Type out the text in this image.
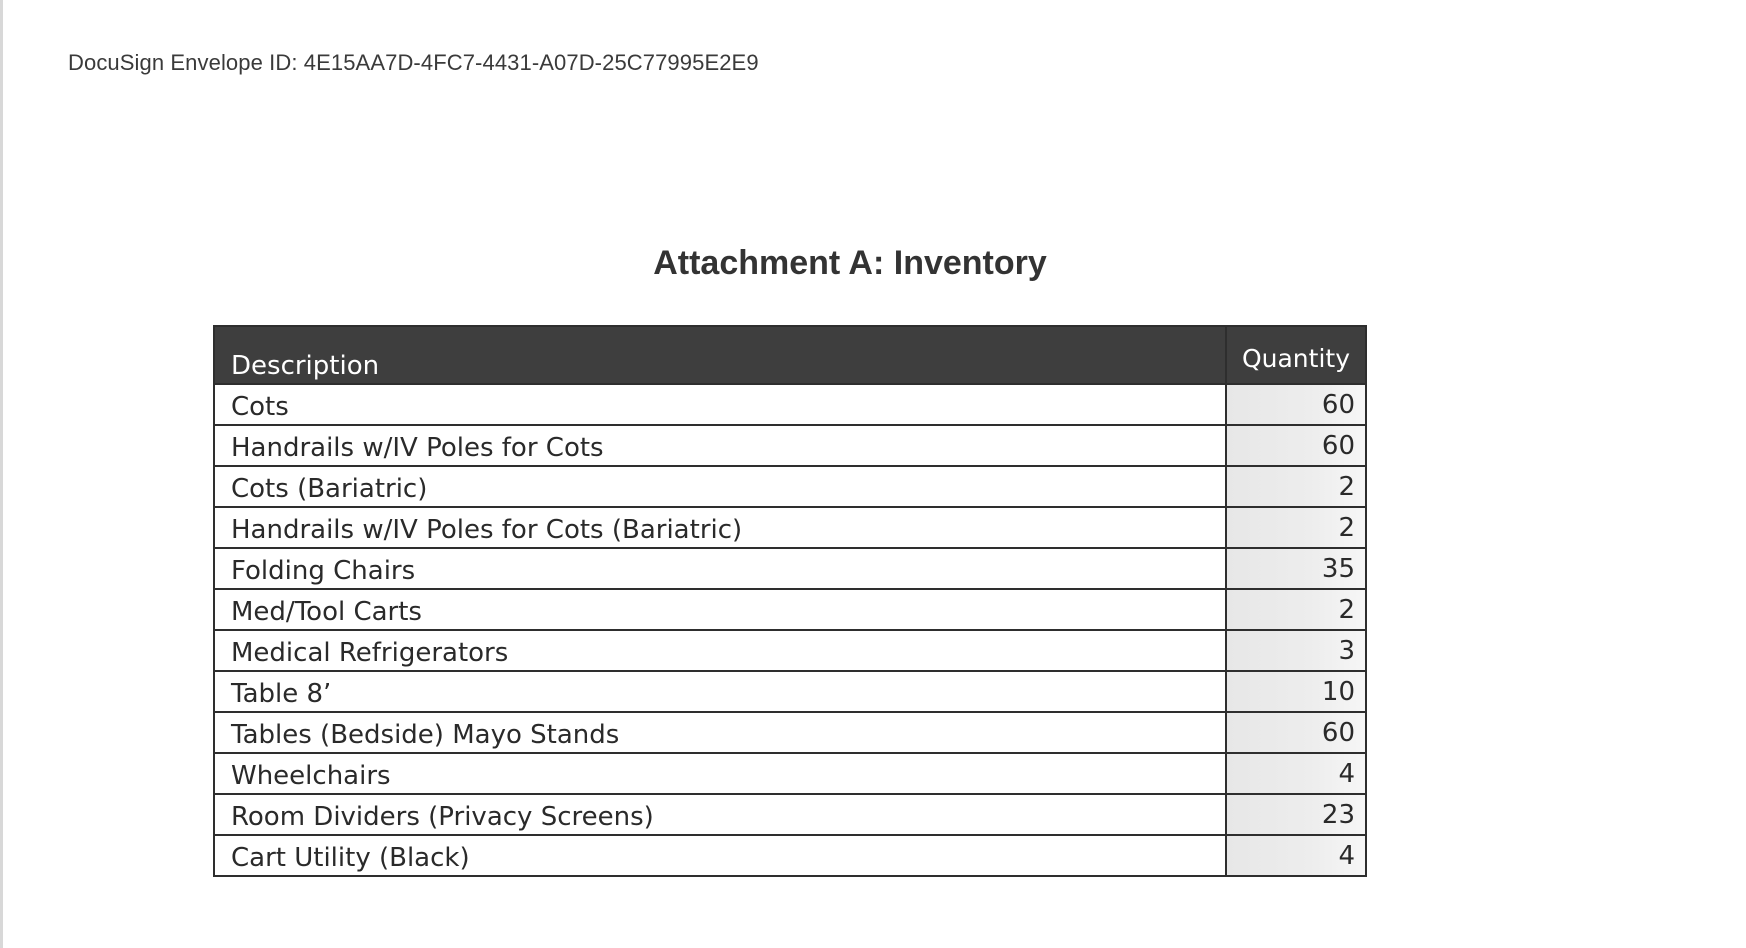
DocuSign Envelope ID: 4E15AA7D-4FC7-4431-A07D-25C77995E2E9
Attachment A: Inventory
Description	Quantity
Cots	60
Handrails w/IV Poles for Cots	60
Cots (Bariatric)	2
Handrails w/IV Poles for Cots (Bariatric)	2
Folding Chairs	35
Med/Tool Carts	2
Medical Refrigerators	3
Table 8’	10
Tables (Bedside) Mayo Stands	60
Wheelchairs	4
Room Dividers (Privacy Screens)	23
Cart Utility (Black)	4
